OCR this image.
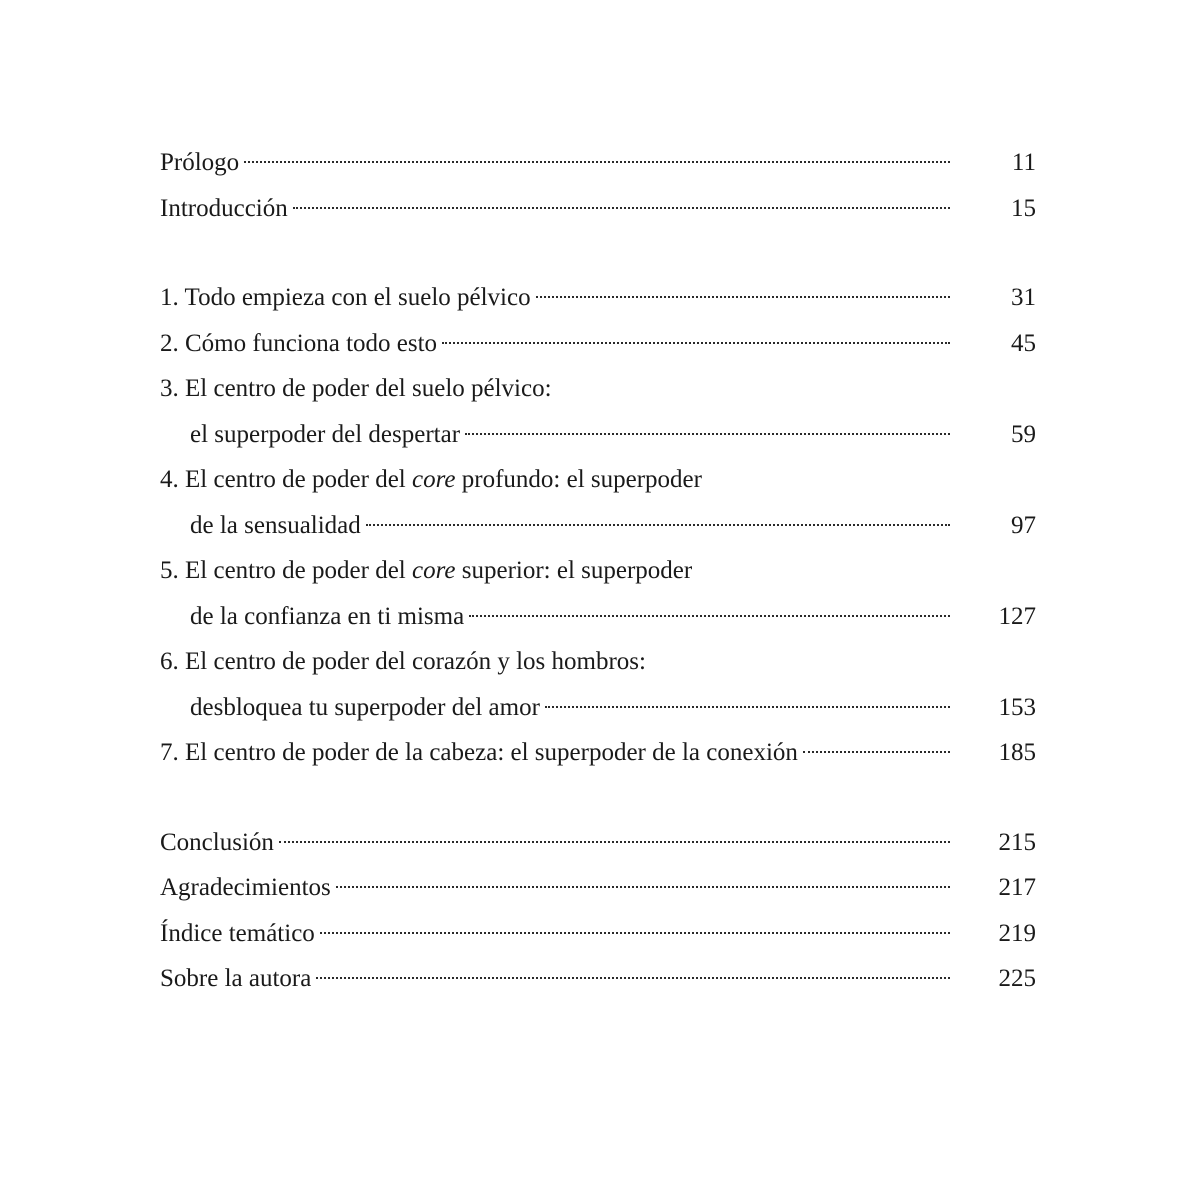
Prólogo	11
Introducción	15
1. Todo empieza con el suelo pélvico	31
2. Cómo funciona todo esto	45
3. El centro de poder del suelo pélvico:
el superpoder del despertar	59
4. El centro de poder del core profundo: el superpoder
de la sensualidad	97
5. El centro de poder del core superior: el superpoder
de la confianza en ti misma	127
6. El centro de poder del corazón y los hombros:
desbloquea tu superpoder del amor	153
7. El centro de poder de la cabeza: el superpoder de la conexión	185
Conclusión	215
Agradecimientos	217
Índice temático	219
Sobre la autora	225
